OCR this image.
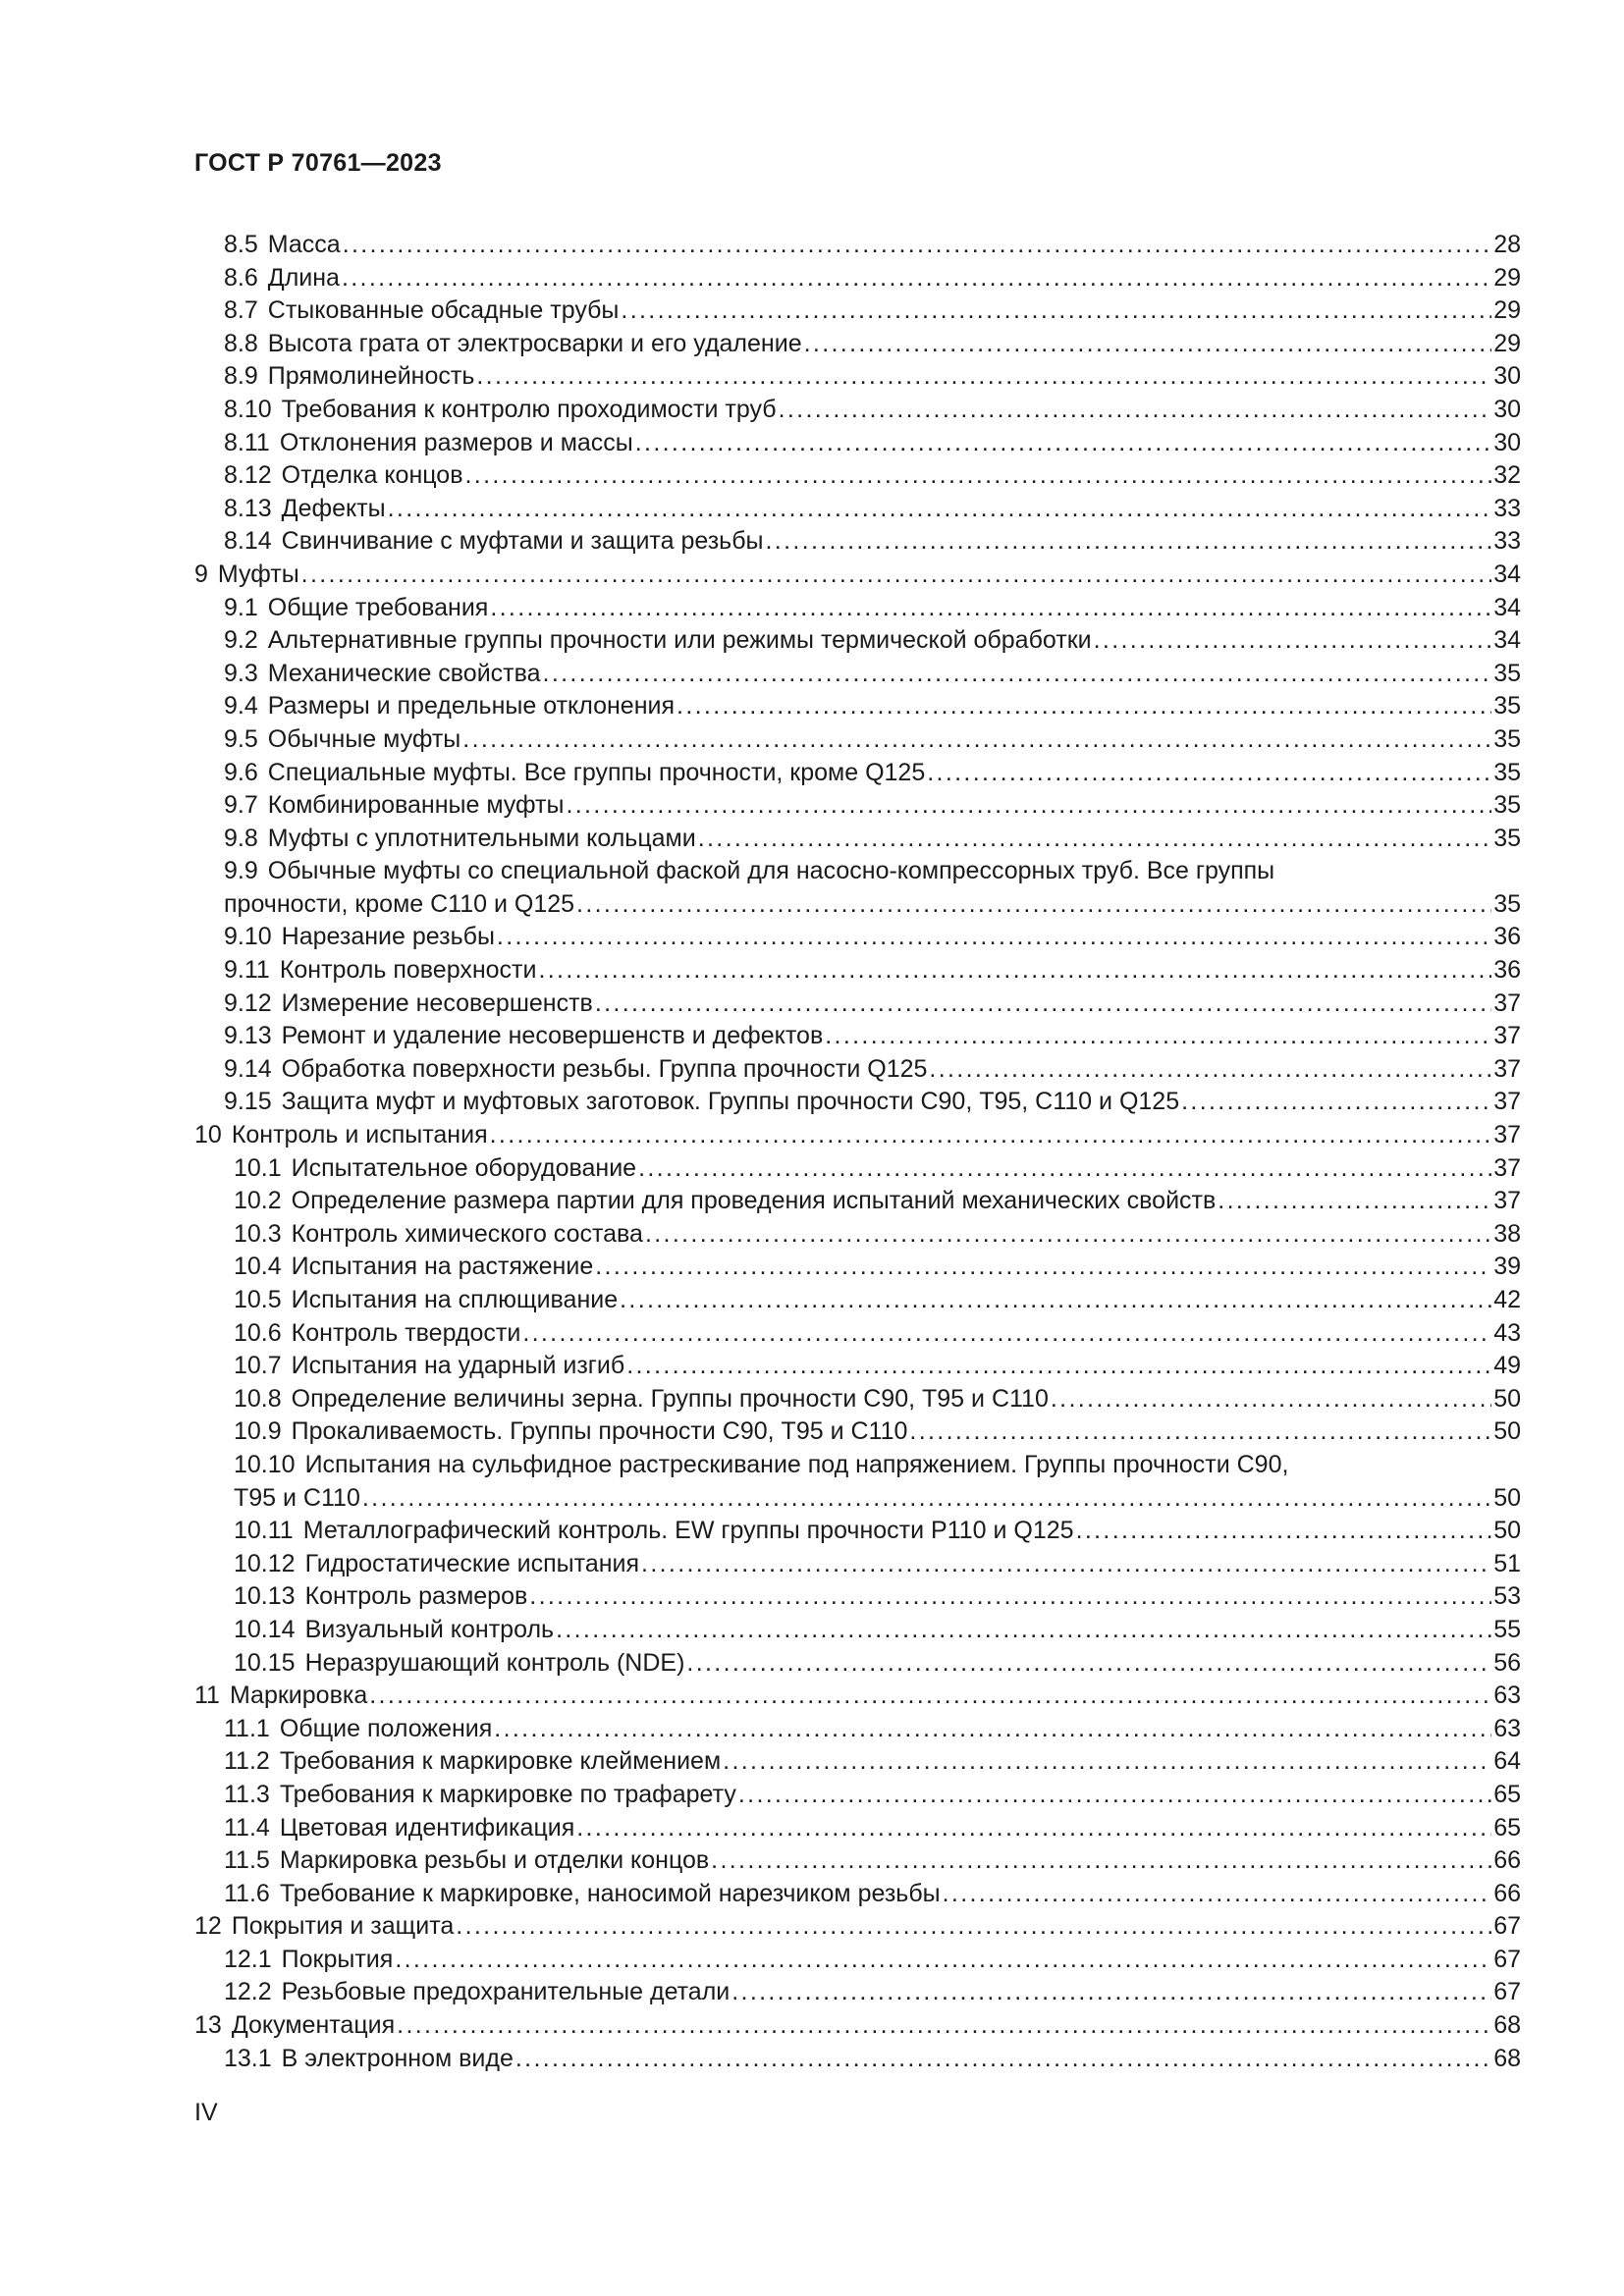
ГОСТ Р 70761—2023
8.5 Масса . . .	28
8.6 Длина . . .	29
8.7 Стыкованные обсадные трубы . . .	29
8.8 Высота грата от электросварки и его удаление . . .	29
8.9 Прямолинейность . . .	30
8.10 Требования к контролю проходимости труб . . .	30
8.11 Отклонения размеров и массы . . .	30
8.12 Отделка концов . . .	32
8.13 Дефекты . . .	33
8.14 Свинчивание с муфтами и защита резьбы . . .	33
9 Муфты . . .	34
9.1 Общие требования . . .	34
9.2 Альтернативные группы прочности или режимы термической обработки . . .	34
9.3 Механические свойства . . .	35
9.4 Размеры и предельные отклонения . . .	35
9.5 Обычные муфты . . .	35
9.6 Специальные муфты. Все группы прочности, кроме Q125 . . .	35
9.7 Комбинированные муфты . . .	35
9.8 Муфты с уплотнительными кольцами . . .	35
9.9 Обычные муфты со специальной фаской для насосно-компрессорных труб. Все группы
прочности, кроме С110 и Q125 . . .	35
9.10 Нарезание резьбы . . .	36
9.11 Контроль поверхности . . .	36
9.12 Измерение несовершенств . . .	37
9.13 Ремонт и удаление несовершенств и дефектов . . .	37
9.14 Обработка поверхности резьбы. Группа прочности Q125 . . .	37
9.15 Защита муфт и муфтовых заготовок. Группы прочности С90, Т95, С110 и Q125 . . .	37
10 Контроль и испытания . . .	37
10.1 Испытательное оборудование . . .	37
10.2 Определение размера партии для проведения испытаний механических свойств . . .	37
10.3 Контроль химического состава . . .	38
10.4 Испытания на растяжение . . .	39
10.5 Испытания на сплющивание . . .	42
10.6 Контроль твердости . . .	43
10.7 Испытания на ударный изгиб . . .	49
10.8 Определение величины зерна. Группы прочности С90, Т95 и С110 . . .	50
10.9 Прокаливаемость. Группы прочности С90, Т95 и С110 . . .	50
10.10 Испытания на сульфидное растрескивание под напряжением. Группы прочности С90,
Т95 и С110 . . .	50
10.11 Металлографический контроль. EW группы прочности Р110 и Q125 . . .	50
10.12 Гидростатические испытания . . .	51
10.13 Контроль размеров . . .	53
10.14 Визуальный контроль . . .	55
10.15 Неразрушающий контроль (NDE) . . .	56
11 Маркировка . . .	63
11.1 Общие положения . . .	63
11.2 Требования к маркировке клеймением . . .	64
11.3 Требования к маркировке по трафарету . . .	65
11.4 Цветовая идентификация . . .	65
11.5 Маркировка резьбы и отделки концов . . .	66
11.6 Требование к маркировке, наносимой нарезчиком резьбы . . .	66
12 Покрытия и защита . . .	67
12.1 Покрытия . . .	67
12.2 Резьбовые предохранительные детали . . .	67
13 Документация . . .	68
13.1 В электронном виде . . .	68
IV
